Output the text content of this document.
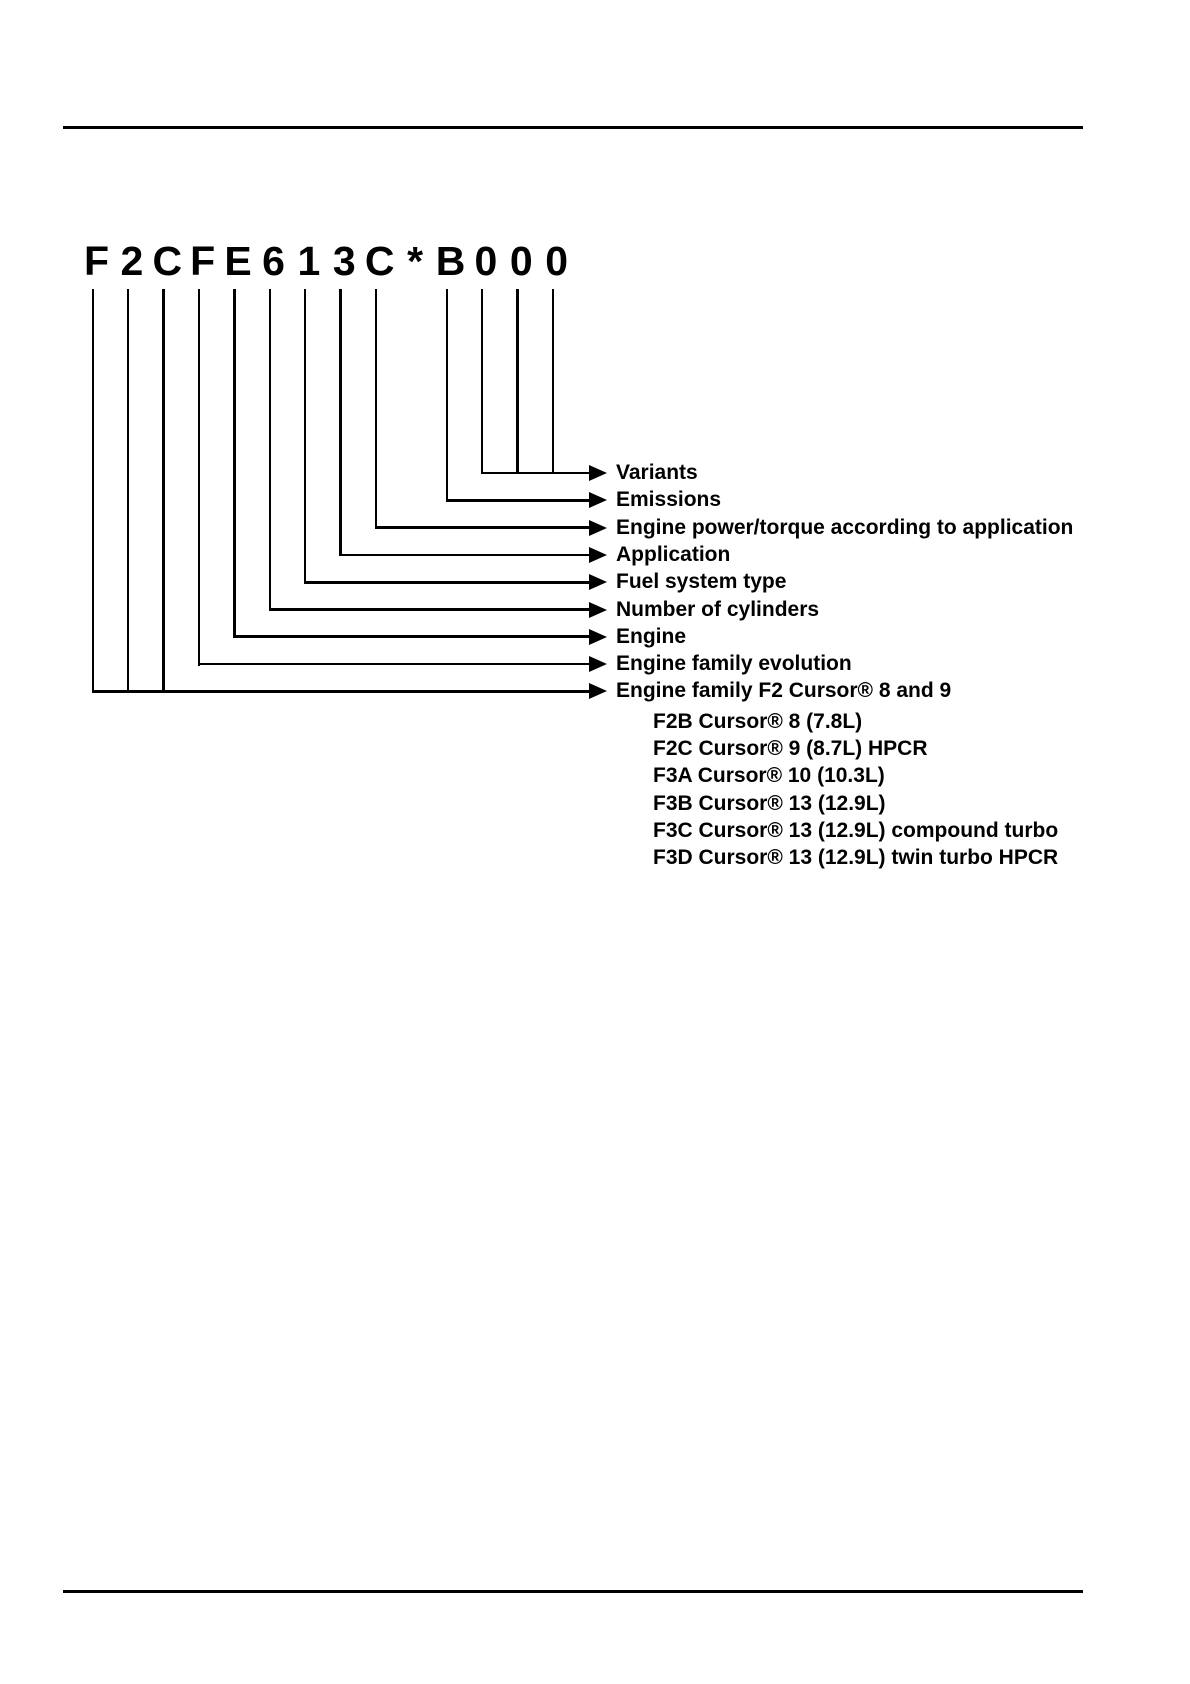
F 2 C F E 6 1 3 C * B 0 0 0
Variants
Emissions
Engine power/torque according to application
Application
Fuel system type
Number of cylinders
Engine
Engine family evolution
Engine family F2 Cursor® 8 and 9
F2B Cursor® 8 (7.8L)
F2C Cursor® 9 (8.7L) HPCR
F3A Cursor® 10 (10.3L)
F3B Cursor® 13 (12.9L)
F3C Cursor® 13 (12.9L) compound turbo
F3D Cursor® 13 (12.9L) twin turbo HPCR
